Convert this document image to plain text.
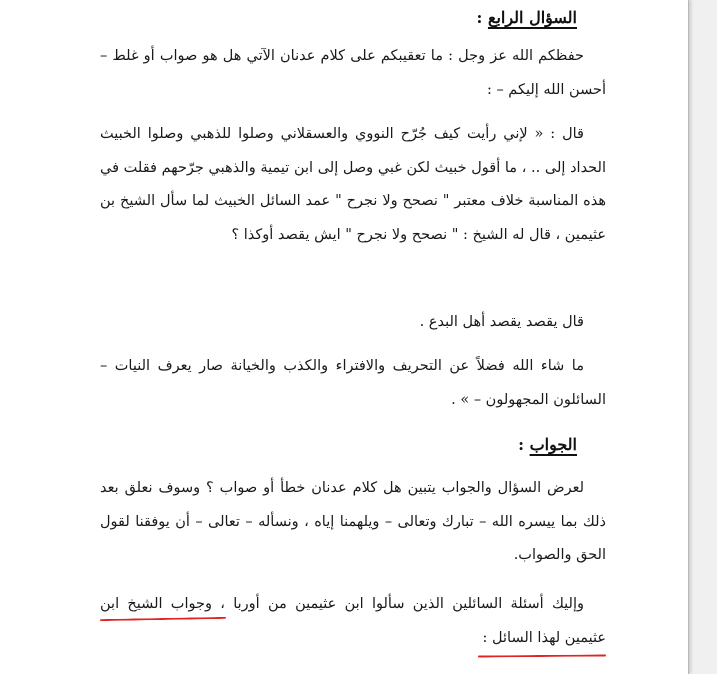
السؤال الرابع :

حفظكم الله عز وجل : ما تعقيبكم على كلام عدنان الآتي هل هو صواب أو غلط – أحسن الله إليكم – :

قال : « لإني رأيت كيف جُرّح النووي والعسقلاني وصلوا للذهبي وصلوا الخبيث الحداد إلى .. ، ما أقول خبيث لكن غبي وصل إلى ابن تيمية والذهبي جرّحهم فقلت في هذه المناسبة خلاف معتبر " نصحح ولا نجرح " عمد السائل الخبيث لما سأل الشيخ بن عثيمين ، قال له الشيخ : " نصحح ولا نجرح " ايش يقصد أوكذا ؟

قال يقصد يقصد أهل البدع .

ما شاء الله فضلاً عن التحريف والافتراء والكذب والخيانة صار يعرف النيات – السائلون المجهولون – » .

الجواب :

لعرض السؤال والجواب يتبين هل كلام عدنان خطأ أو صواب ؟ وسوف نعلق بعد ذلك بما ييسره الله – تبارك وتعالى – ويلهمنا إياه ، ونسأله – تعالى – أن يوفقنا لقول الحق والصواب.

وإليك أسئلة السائلين الذين سألوا ابن عثيمين من أوربا ، وجواب الشيخ ابن عثيمين لهذا السائل :
